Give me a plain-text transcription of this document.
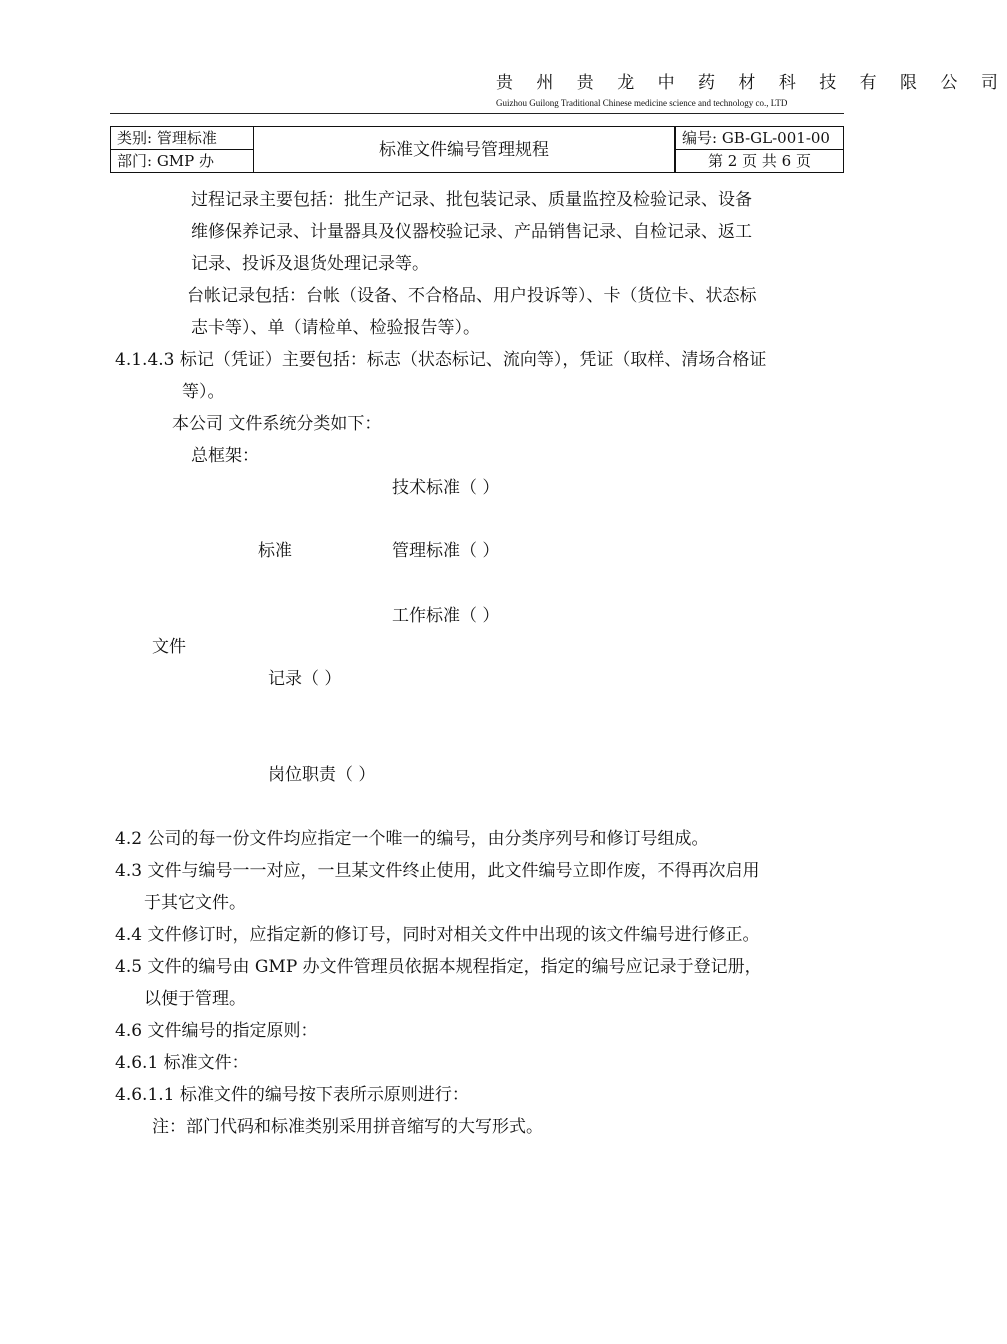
贵 州 贵 龙 中 药 材 科 技 有 限 公 司
Guizhou Guilong Traditional Chinese medicine science and technology co., LTD
类别: 管理标准	标准文件编号管理规程	编号: GB-GL-001-00
部门: GMP 办		第 2 页 共 6 页
过程记录主要包括：批生产记录、批包装记录、质量监控及检验记录、设备
维修保养记录、计量器具及仪器校验记录、产品销售记录、自检记录、返工
记录、投诉及退货处理记录等。
台帐记录包括：台帐（设备、不合格品、用户投诉等）、卡（货位卡、状态标
志卡等）、单（请检单、检验报告等）。
4.1.4.3 标记（凭证）主要包括：标志（状态标记、流向等），凭证（取样、清场合格证
等）。
本公司 文件系统分类如下：
总框架：
技术标准（ ）
标准	管理标准（ ）
工作标准（ ）
文件
记录（ ）
岗位职责（ ）
4.2 公司的每一份文件均应指定一个唯一的编号，由分类序列号和修订号组成。
4.3 文件与编号一一对应，一旦某文件终止使用，此文件编号立即作废，不得再次启用
于其它文件。
4.4 文件修订时，应指定新的修订号，同时对相关文件中出现的该文件编号进行修正。
4.5 文件的编号由 GMP 办文件管理员依据本规程指定，指定的编号应记录于登记册，
以便于管理。
4.6 文件编号的指定原则：
4.6.1 标准文件：
4.6.1.1 标准文件的编号按下表所示原则进行：
注：部门代码和标准类别采用拼音缩写的大写形式。
